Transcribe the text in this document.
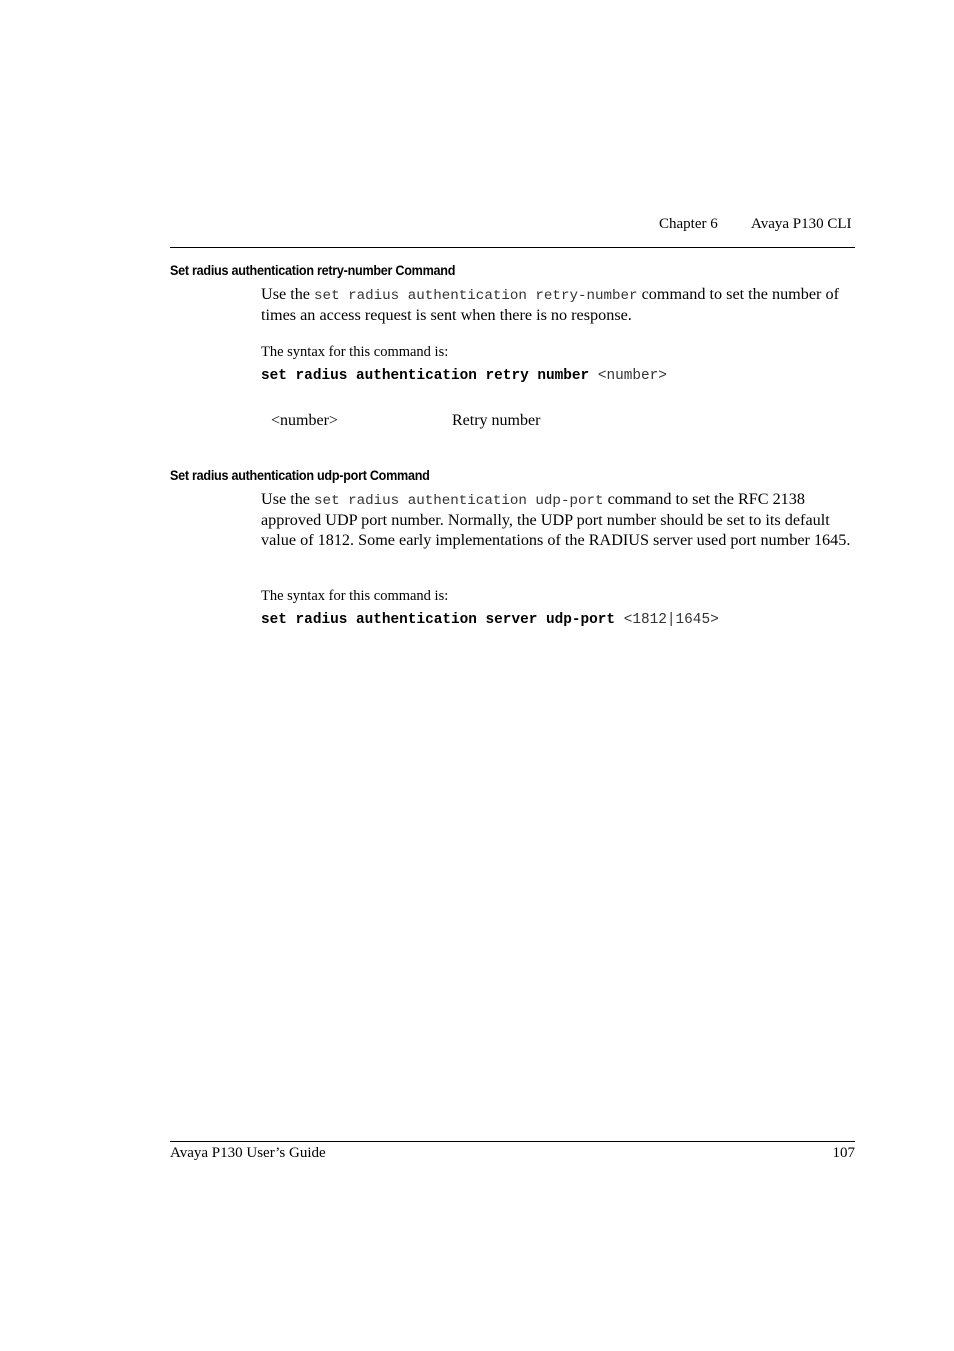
Chapter 6 Avaya P130 CLI
Set radius authentication retry-number Command
Use the set radius authentication retry-number command to set the number of times an access request is sent when there is no response.
The syntax for this command is:
set radius authentication retry number <number>
<number>	Retry number
Set radius authentication udp-port Command
Use the set radius authentication udp-port command to set the RFC 2138 approved UDP port number. Normally, the UDP port number should be set to its default value of 1812. Some early implementations of the RADIUS server used port number 1645.
The syntax for this command is:
set radius authentication server udp-port <1812|1645>
Avaya P130 User’s Guide	107
